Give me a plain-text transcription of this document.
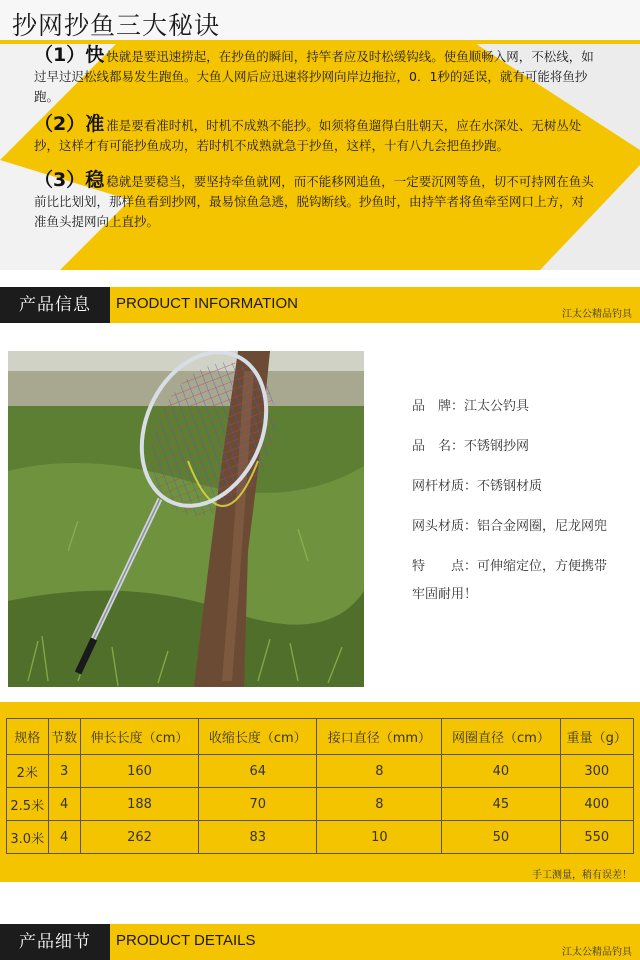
抄网抄鱼三大秘诀
（1）快 快就是要迅速捞起，在抄鱼的瞬间，持竿者应及时松缓钩线。使鱼顺畅入网，不松线，如过早过迟松线都易发生跑鱼。大鱼人网后应迅速将抄网向岸边拖拉，0．1秒的延误，就有可能将鱼抄跑。
（2）准 准是要看准时机，时机不成熟不能抄。如须将鱼遛得白肚朝天，应在水深处、无树丛处抄，这样才有可能抄鱼成功，若时机不成熟就急于抄鱼，这样，十有八九会把鱼抄跑。
（3）稳 稳就是要稳当，要坚持牵鱼就网，而不能移网追鱼，一定要沉网等鱼，切不可持网在鱼头前比比划划，那样鱼看到抄网，最易惊鱼急逃，脱钩断线。抄鱼时，由持竿者将鱼牵至网口上方，对准鱼头提网向上直抄。
产品信息	PRODUCT INFORMATION
江太公精品钓具
品　牌：江太公钓具
品　名：不锈钢抄网
网杆材质：不锈钢材质
网头材质：铝合金网圈，尼龙网兜
特　　点：可伸缩定位，方便携带
牢固耐用！
规格	节数	伸长长度（cm）	收缩长度（cm）	接口直径（mm）	网圈直径（cm）	重量（g）
2米	3	160	64	8	40	300
2.5米	4	188	70	8	45	400
3.0米	4	262	83	10	50	550
手工测量，稍有误差！
产品细节	PRODUCT DETAILS
江太公精品钓具
